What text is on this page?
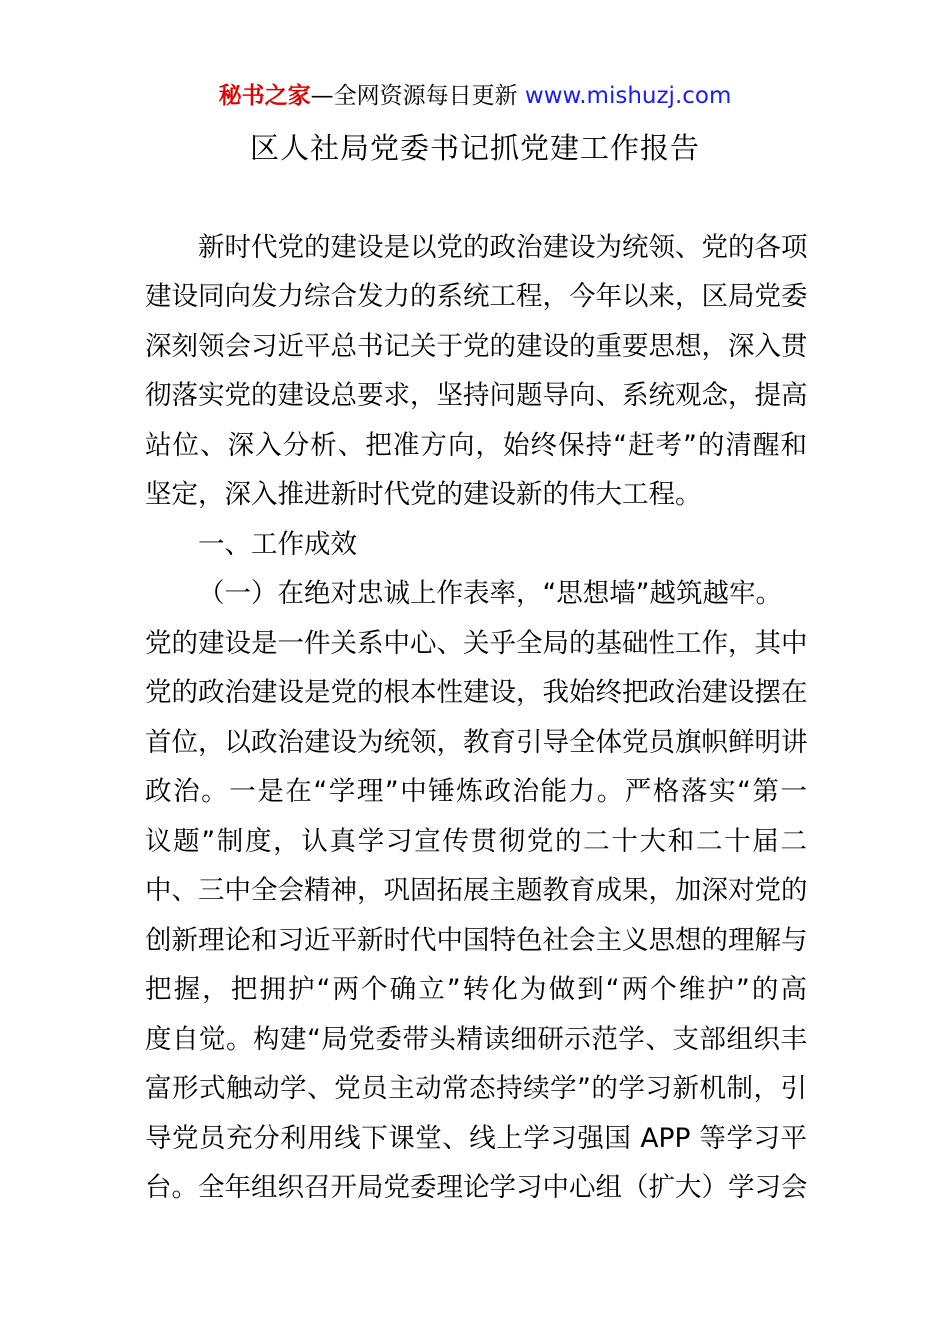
秘书之家—全网资源每日更新 www.mishuzj.com
区人社局党委书记抓党建工作报告
新时代党的建设是以党的政治建设为统领、党的各项
建设同向发力综合发力的系统工程，今年以来，区局党委
深刻领会习近平总书记关于党的建设的重要思想，深入贯
彻落实党的建设总要求，坚持问题导向、系统观念，提高
站位、深入分析、把准方向，始终保持“赶考”的清醒和
坚定，深入推进新时代党的建设新的伟大工程。
一、工作成效
（一）在绝对忠诚上作表率，“思想墙”越筑越牢。
党的建设是一件关系中心、关乎全局的基础性工作，其中
党的政治建设是党的根本性建设，我始终把政治建设摆在
首位，以政治建设为统领，教育引导全体党员旗帜鲜明讲
政治。一是在“学理”中锤炼政治能力。严格落实“第一
议题”制度，认真学习宣传贯彻党的二十大和二十届二
中、三中全会精神，巩固拓展主题教育成果，加深对党的
创新理论和习近平新时代中国特色社会主义思想的理解与
把握，把拥护“两个确立”转化为做到“两个维护”的高
度自觉。构建“局党委带头精读细研示范学、支部组织丰
富形式触动学、党员主动常态持续学”的学习新机制，引
导党员充分利用线下课堂、线上学习强国 APP 等学习平
台。全年组织召开局党委理论学习中心组（扩大）学习会
